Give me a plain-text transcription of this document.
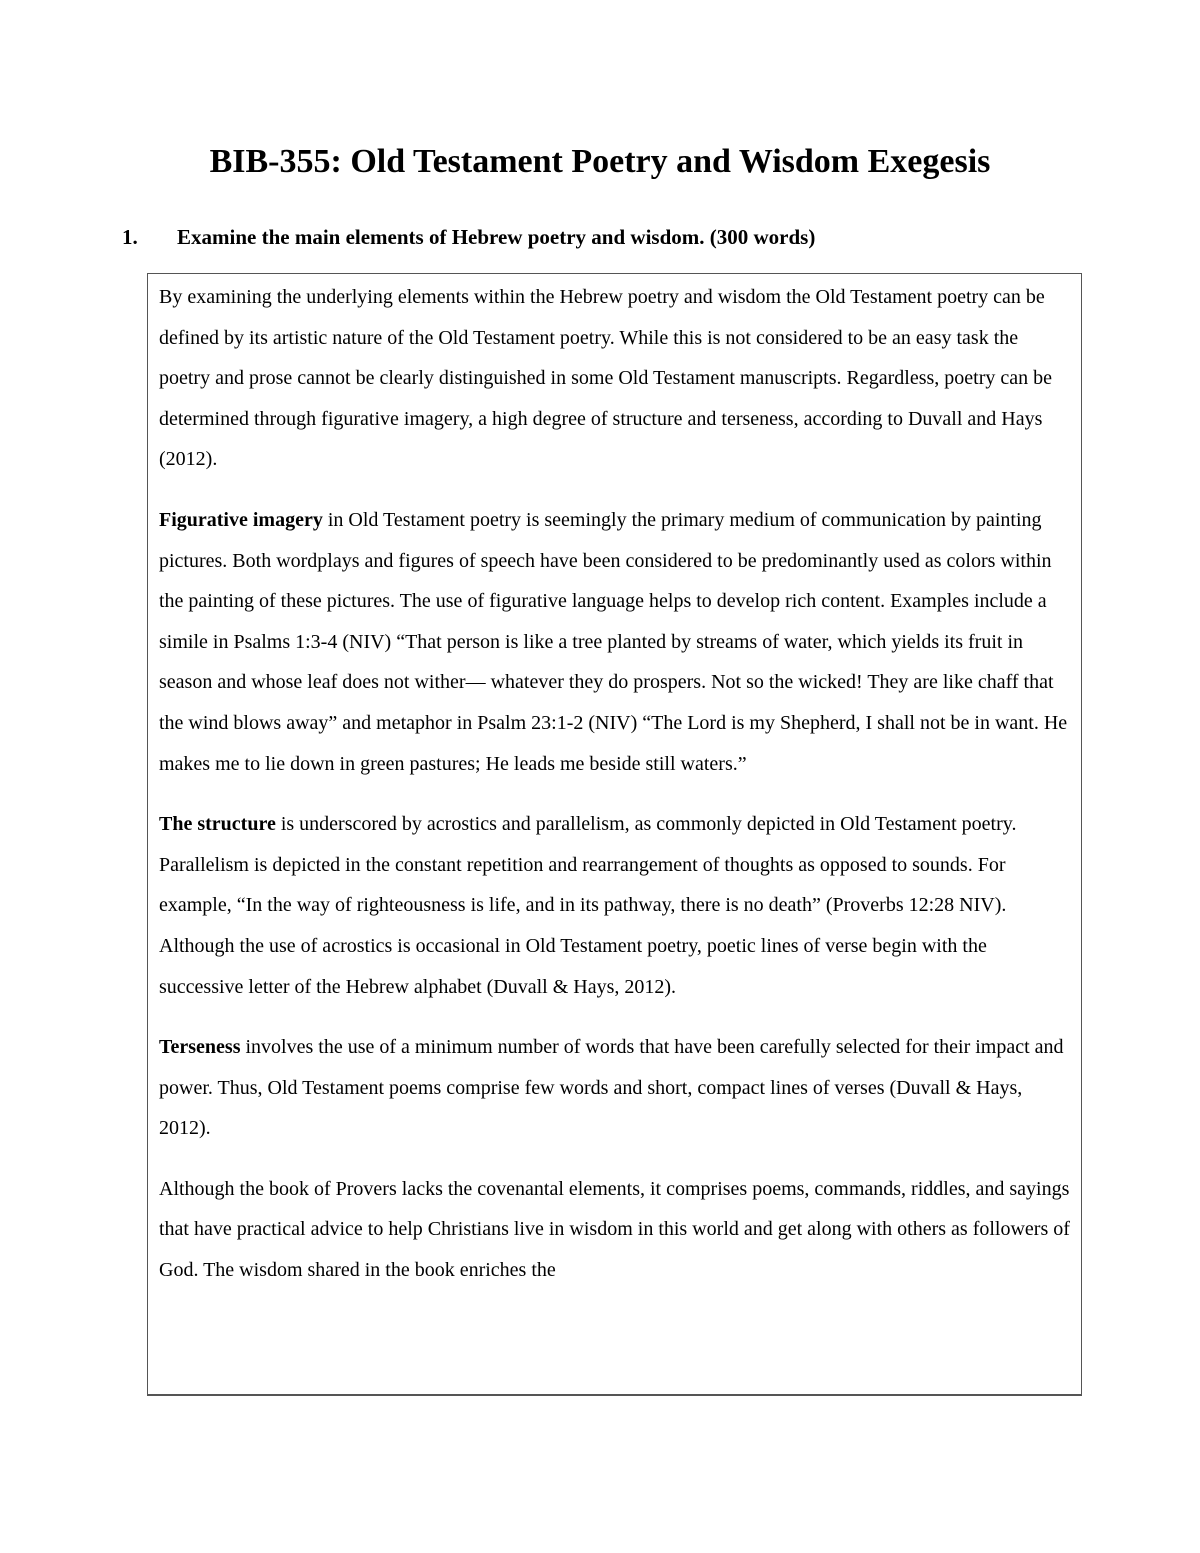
BIB-355: Old Testament Poetry and Wisdom Exegesis
1. Examine the main elements of Hebrew poetry and wisdom. (300 words)

By examining the underlying elements within the Hebrew poetry and wisdom the Old Testament poetry can be defined by its artistic nature of the Old Testament poetry. While this is not considered to be an easy task the poetry and prose cannot be clearly distinguished in some Old Testament manuscripts. Regardless, poetry can be determined through figurative imagery, a high degree of structure and terseness, according to Duvall and Hays (2012).

Figurative imagery in Old Testament poetry is seemingly the primary medium of communication by painting pictures. Both wordplays and figures of speech have been considered to be predominantly used as colors within the painting of these pictures. The use of figurative language helps to develop rich content. Examples include a simile in Psalms 1:3-4 (NIV) “That person is like a tree planted by streams of water, which yields its fruit in season and whose leaf does not wither— whatever they do prospers. Not so the wicked! They are like chaff that the wind blows away” and metaphor in Psalm 23:1-2 (NIV) “The Lord is my Shepherd, I shall not be in want. He makes me to lie down in green pastures; He leads me beside still waters.”

The structure is underscored by acrostics and parallelism, as commonly depicted in Old Testament poetry. Parallelism is depicted in the constant repetition and rearrangement of thoughts as opposed to sounds. For example, “In the way of righteousness is life, and in its pathway, there is no death” (Proverbs 12:28 NIV). Although the use of acrostics is occasional in Old Testament poetry, poetic lines of verse begin with the successive letter of the Hebrew alphabet (Duvall & Hays, 2012).

Terseness involves the use of a minimum number of words that have been carefully selected for their impact and power. Thus, Old Testament poems comprise few words and short, compact lines of verses (Duvall & Hays, 2012).

Although the book of Provers lacks the covenantal elements, it comprises poems, commands, riddles, and sayings that have practical advice to help Christians live in wisdom in this world and get along with others as followers of God. The wisdom shared in the book enriches the
